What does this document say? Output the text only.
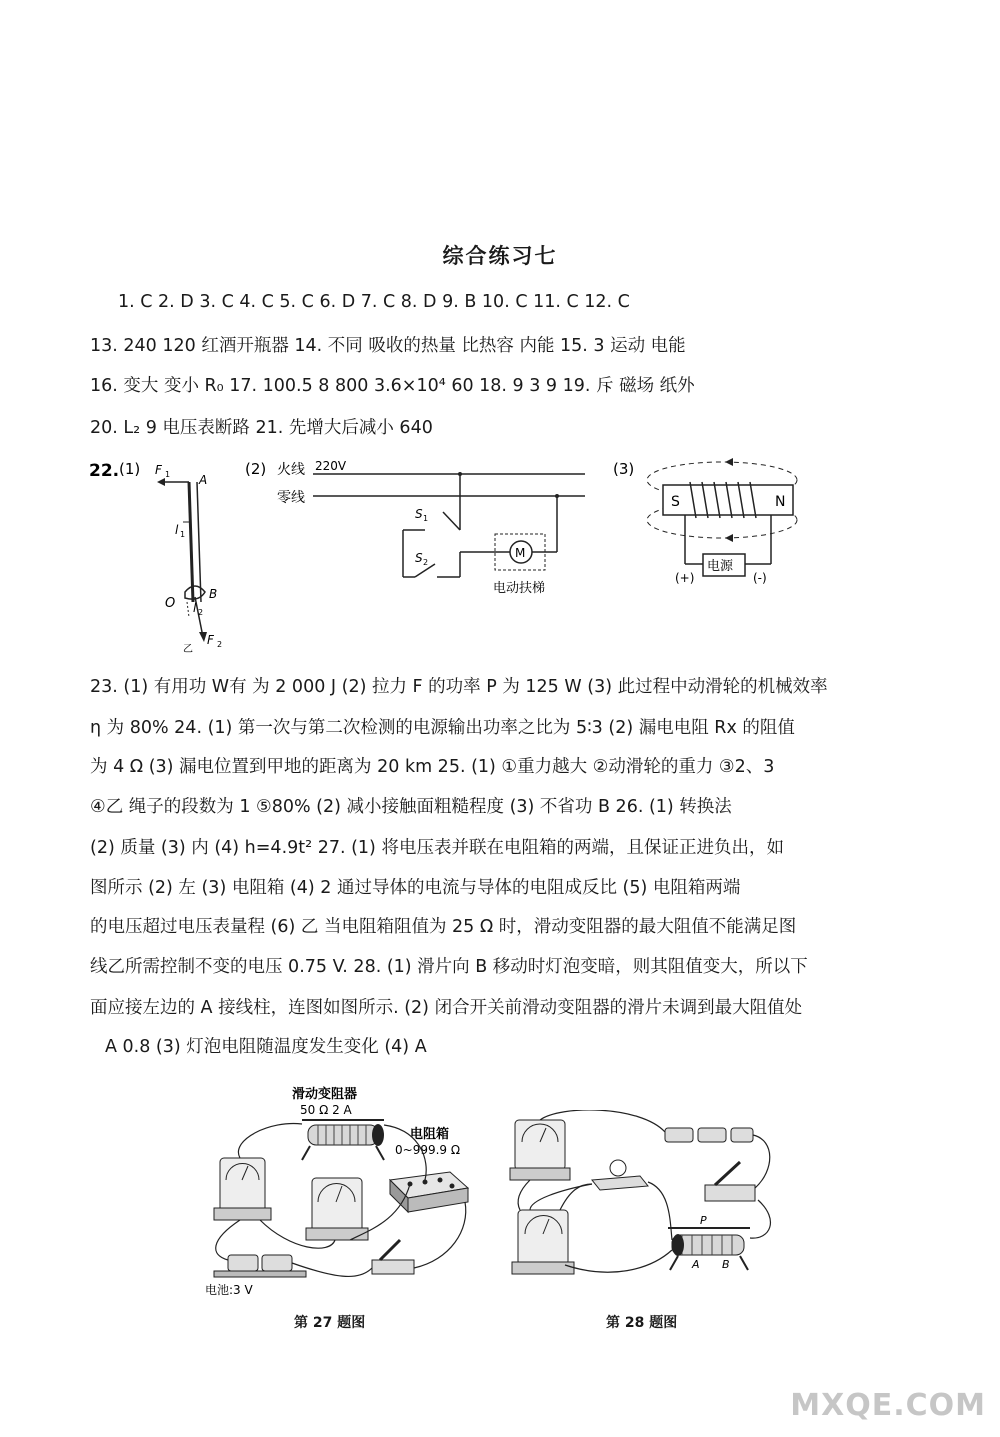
综合练习七
1. C 2. D 3. C 4. C 5. C 6. D 7. C 8. D 9. B 10. C 11. C 12. C
13. 240 120 红酒开瓶器 14. 不同 吸收的热量 比热容 内能 15. 3 运动 电能
16. 变大 变小 R₀ 17. 100.5 8 800 3.6×10⁴ 60 18. 9 3 9 19. 斥 磁场 纸外
20. L₂ 9 电压表断路 21. 先增大后减小 640
22. (1) F 1 A
l 1
B
O l 2
乙
F 2
(2) 火线 220V
零线
S 1
S 2
M
电动扶梯
(3)
S	N
电源
(+)	(-)
23. (1) 有用功 W有 为 2 000 J (2) 拉力 F 的功率 P 为 125 W (3) 此过程中动滑轮的机械效率
η 为 80% 24. (1) 第一次与第二次检测的电源输出功率之比为 5∶3 (2) 漏电电阻 Rx 的阻值
为 4 Ω (3) 漏电位置到甲地的距离为 20 km 25. (1) ①重力越大 ②动滑轮的重力 ③2、3
④乙 绳子的段数为 1 ⑤80% (2) 减小接触面粗糙程度 (3) 不省功 B 26. (1) 转换法
(2) 质量 (3) 内 (4) h=4.9t² 27. (1) 将电压表并联在电阻箱的两端，且保证正进负出，如
图所示 (2) 左 (3) 电阻箱 (4) 2 通过导体的电流与导体的电阻成反比 (5) 电阻箱两端
的电压超过电压表量程 (6) 乙 当电阻箱阻值为 25 Ω 时，滑动变阻器的最大阻值不能满足图
线乙所需控制不变的电压 0.75 V. 28. (1) 滑片向 B 移动时灯泡变暗，则其阻值变大，所以下
面应接左边的 A 接线柱，连图如图所示. (2) 闭合开关前滑动变阻器的滑片未调到最大阻值处
A 0.8 (3) 灯泡电阻随温度发生变化 (4) A
滑动变阻器
50 Ω 2 A
电阻箱
0~999.9 Ω
电池:3 V
P
A B
第 27 题图	第 28 题图
MXQE.COM
